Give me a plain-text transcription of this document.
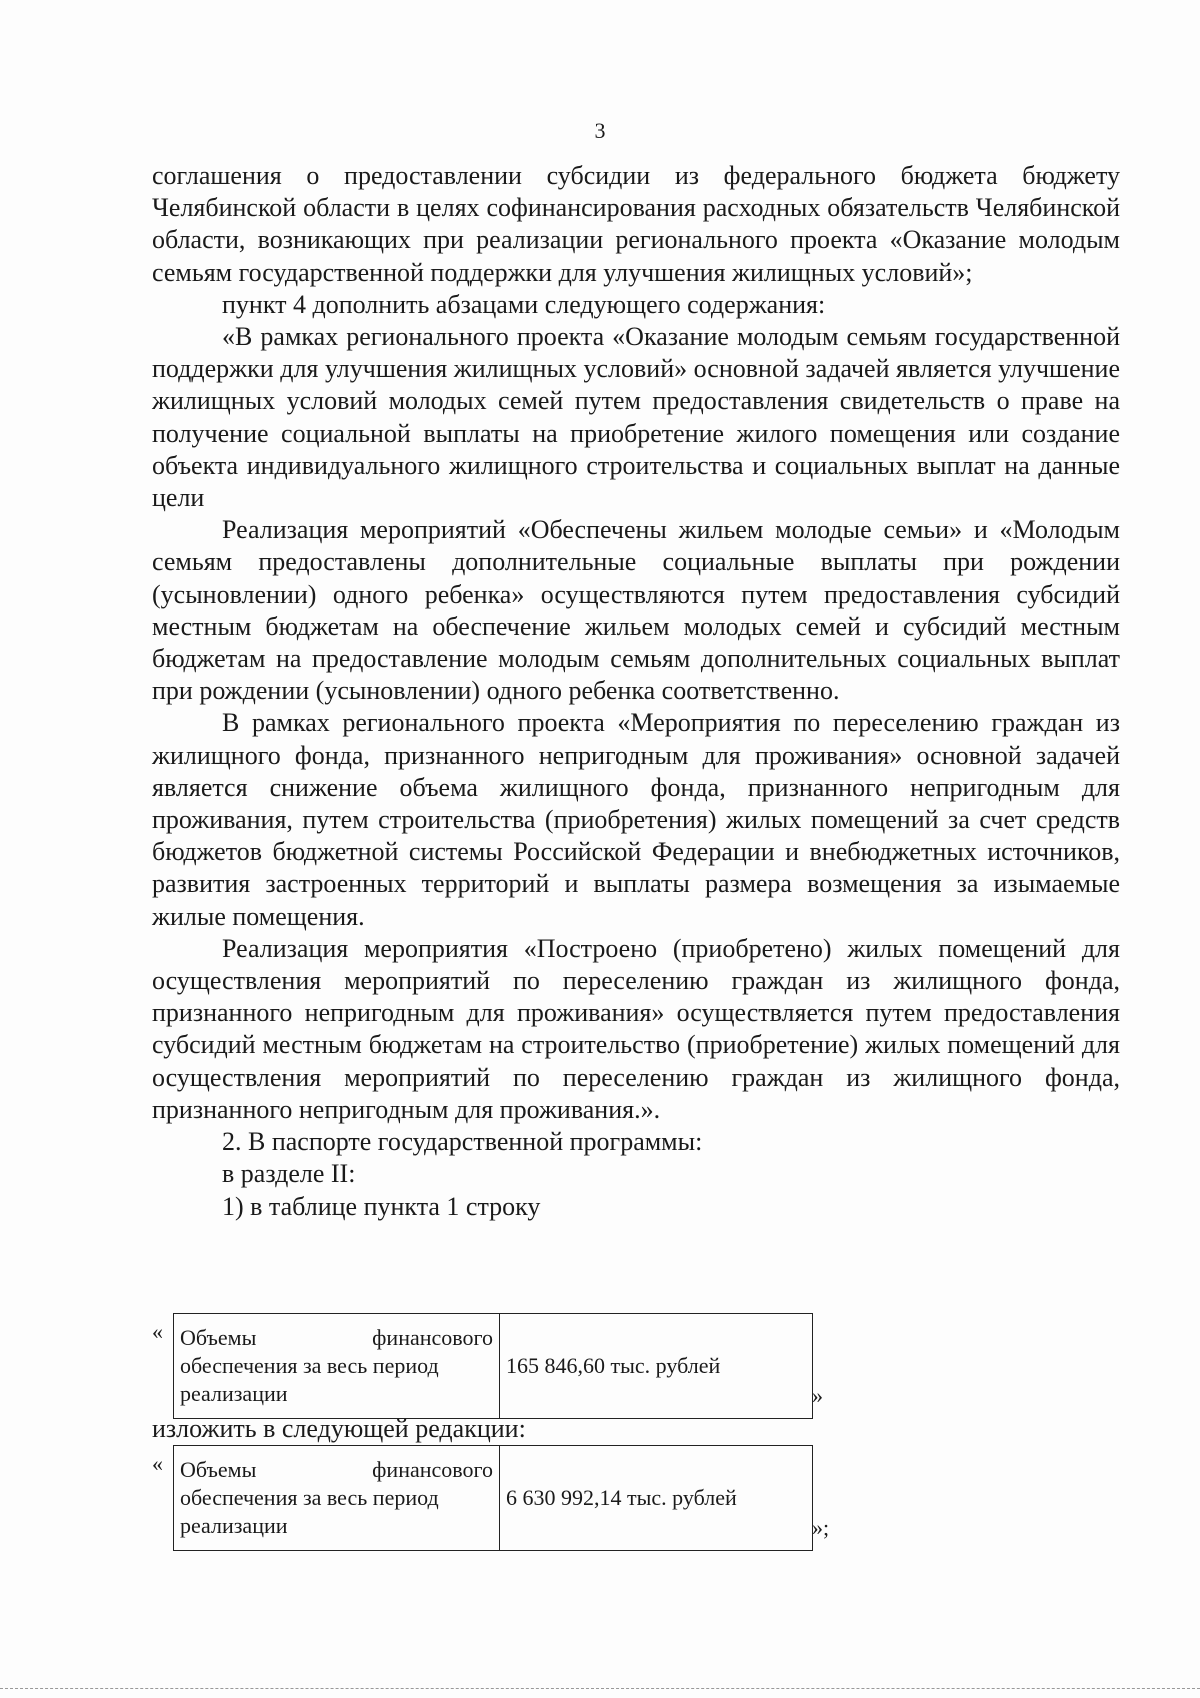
3

соглашения о предоставлении субсидии из федерального бюджета бюджету Челябинской области в целях софинансирования расходных обязательств Челябинской области, возникающих при реализации регионального проекта «Оказание молодым семьям государственной поддержки для улучшения жилищных условий»;

пункт 4 дополнить абзацами следующего содержания:

«В рамках регионального проекта «Оказание молодым семьям государственной поддержки для улучшения жилищных условий» основной задачей является улучшение жилищных условий молодых семей путем предоставления свидетельств о праве на получение социальной выплаты на приобретение жилого помещения или создание объекта индивидуального жилищного строительства и социальных выплат на данные цели

Реализация мероприятий «Обеспечены жильем молодые семьи» и «Молодым семьям предоставлены дополнительные социальные выплаты при рождении (усыновлении) одного ребенка» осуществляются путем предоставления субсидий местным бюджетам на обеспечение жильем молодых семей и субсидий местным бюджетам на предоставление молодым семьям дополнительных социальных выплат при рождении (усыновлении) одного ребенка соответственно.

В рамках регионального проекта «Мероприятия по переселению граждан из жилищного фонда, признанного непригодным для проживания» основной задачей является снижение объема жилищного фонда, признанного непригодным для проживания, путем строительства (приобретения) жилых помещений за счет средств бюджетов бюджетной системы Российской Федерации и внебюджетных источников, развития застроенных территорий и выплаты размера возмещения за изымаемые жилые помещения.

Реализация мероприятия «Построено (приобретено) жилых помещений для осуществления мероприятий по переселению граждан из жилищного фонда, признанного непригодным для проживания» осуществляется путем предоставления субсидий местным бюджетам на строительство (приобретение) жилых помещений для осуществления мероприятий по переселению граждан из жилищного фонда, признанного непригодным для проживания.».

2. В паспорте государственной программы:

в разделе II:

1) в таблице пункта 1 строку

« Объемы	финансового
обеспечения за весь период
реализации
	165 846,60 тыс. рублей
»

изложить в следующей редакции:

« Объемы	финансового
обеспечения за весь период
реализации
	6 630 992,14 тыс. рублей
»;
